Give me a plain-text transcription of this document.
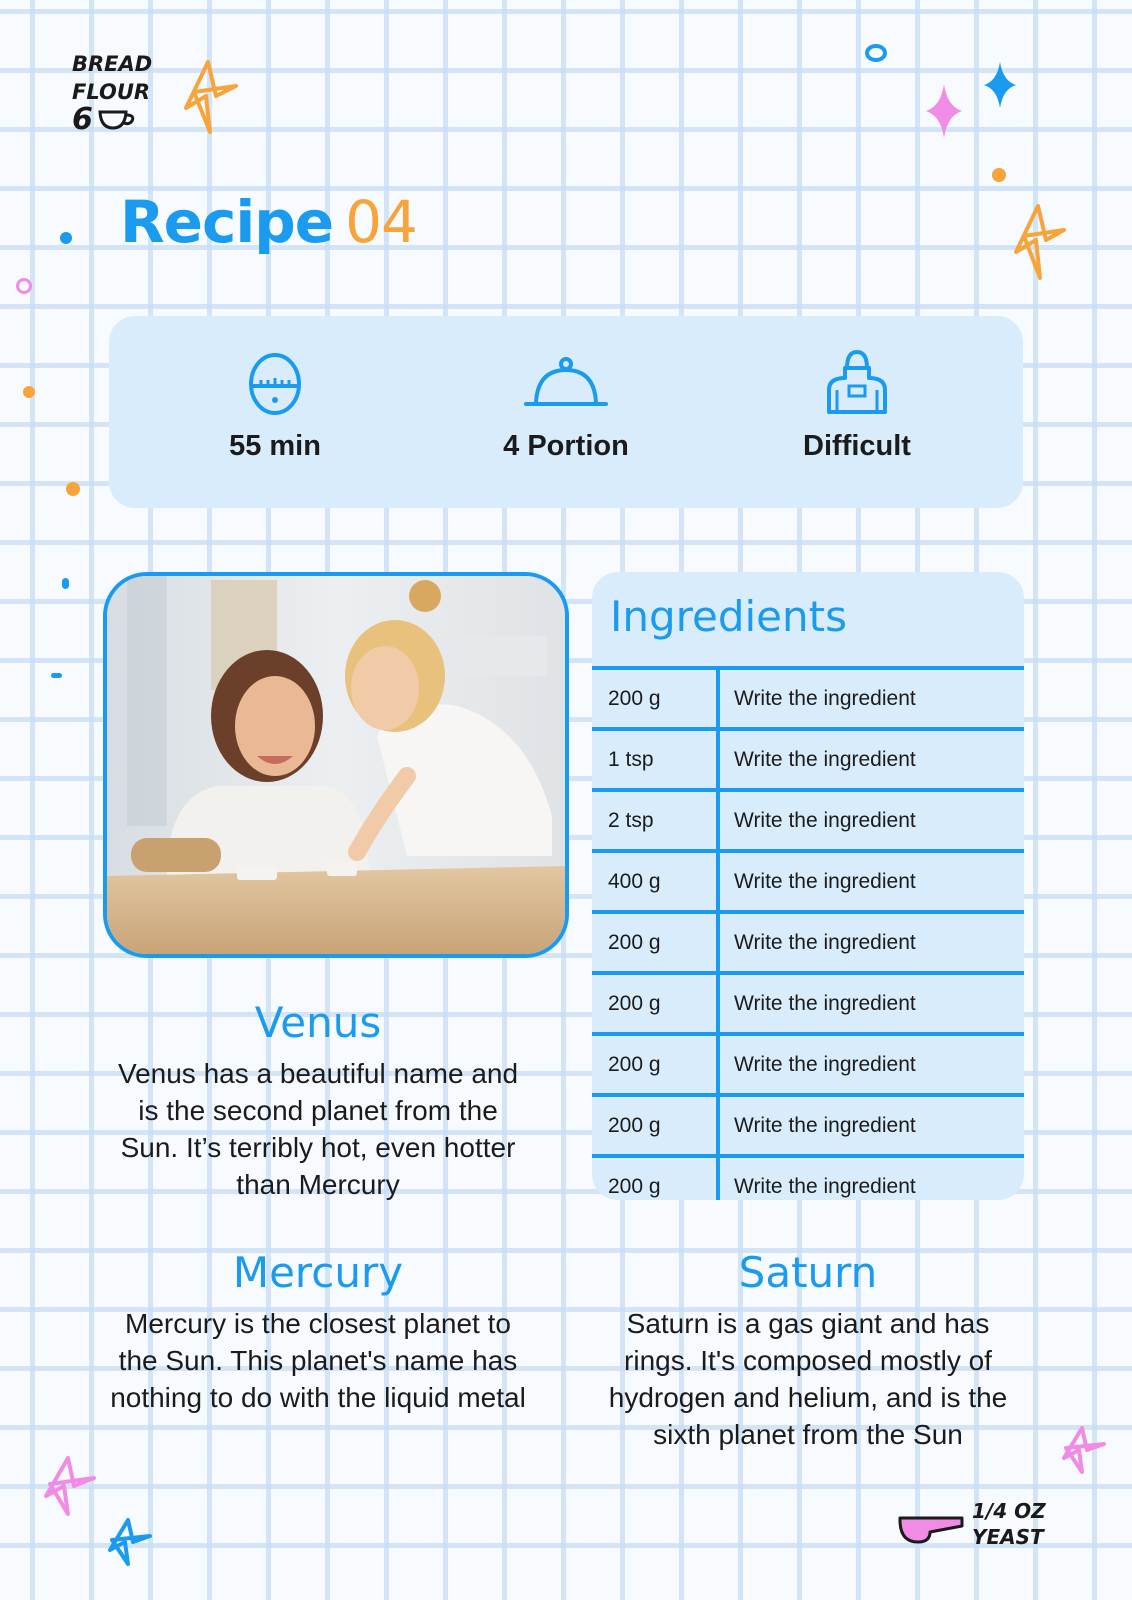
BREAD
FLOUR
6
Recipe 04
55 min	4 Portion	Difficult
Ingredients
200 g	Write the ingredient
1 tsp	Write the ingredient
2 tsp	Write the ingredient
400 g	Write the ingredient
200 g	Write the ingredient
200 g	Write the ingredient
200 g	Write the ingredient
200 g	Write the ingredient
200 g	Write the ingredient
Venus

Venus has a beautiful name and is the second planet from the Sun. It’s terribly hot, even hotter than Mercury

Mercury

Mercury is the closest planet to the Sun. This planet's name has nothing to do with the liquid metal

Saturn

Saturn is a gas giant and has rings. It's composed mostly of hydrogen and helium, and is the sixth planet from the Sun

1/4 OZ
YEAST
